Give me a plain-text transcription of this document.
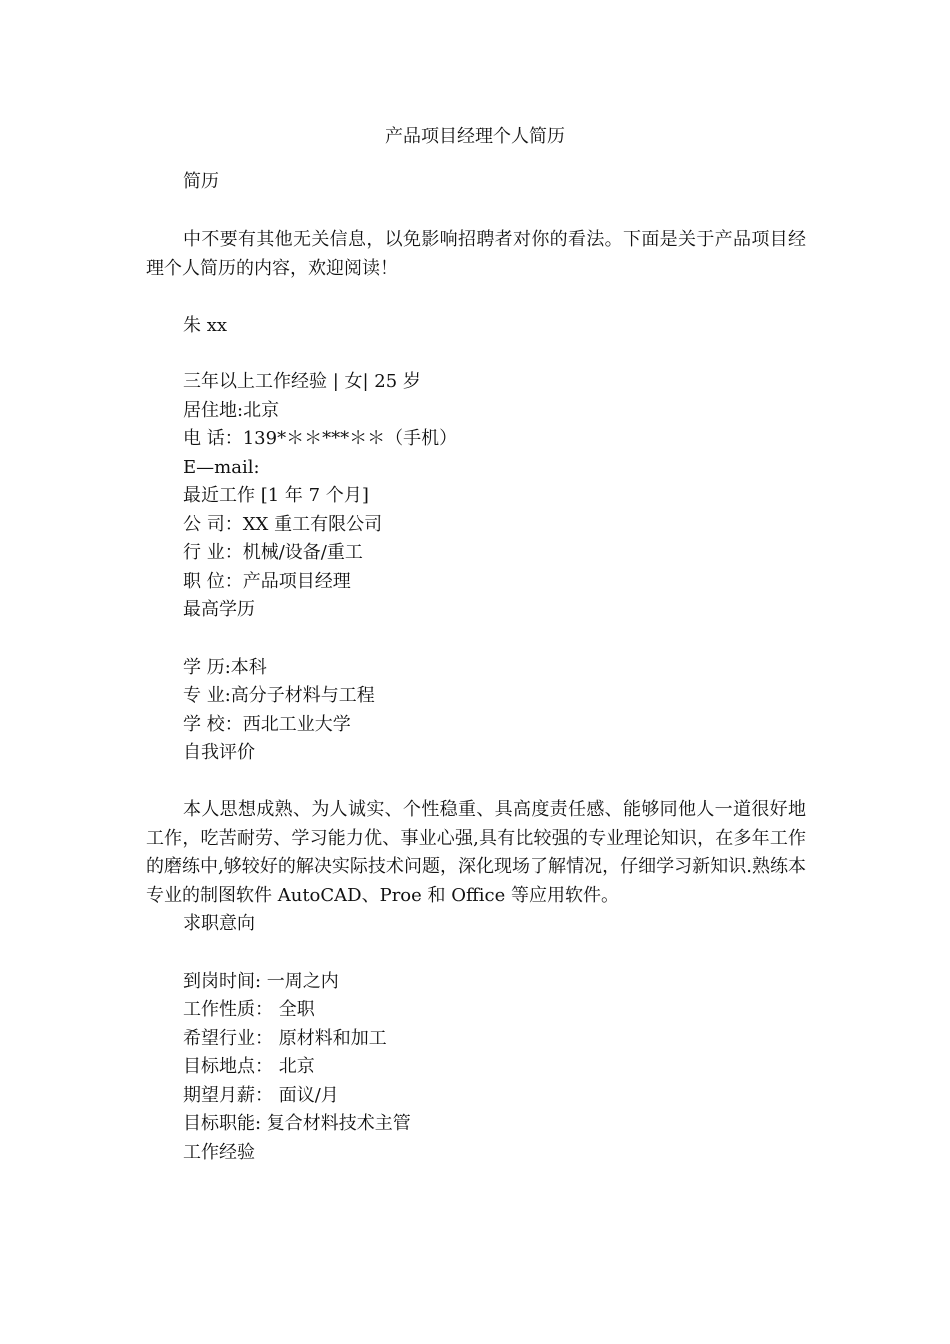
产品项目经理个人简历
简历
中不要有其他无关信息，以免影响招聘者对你的看法。下面是关于产品项目经理个人简历的内容，欢迎阅读！
朱 xx
三年以上工作经验 | 女| 25 岁
居住地:北京
电 话：139*＊＊***＊＊（手机）
E—mail:
最近工作 [1 年 7 个月]
公 司：XX 重工有限公司
行 业：机械/设备/重工
职 位：产品项目经理
最高学历
学 历:本科
专 业:高分子材料与工程
学 校：西北工业大学
自我评价
本人思想成熟、为人诚实、个性稳重、具高度责任感、能够同他人一道很好地工作，吃苦耐劳、学习能力优、事业心强,具有比较强的专业理论知识，在多年工作的磨练中,够较好的解决实际技术问题，深化现场了解情况，仔细学习新知识.熟练本专业的制图软件 AutoCAD、Proe 和 Office 等应用软件。
求职意向
到岗时间: 一周之内
工作性质： 全职
希望行业： 原材料和加工
目标地点： 北京
期望月薪： 面议/月
目标职能: 复合材料技术主管
工作经验
